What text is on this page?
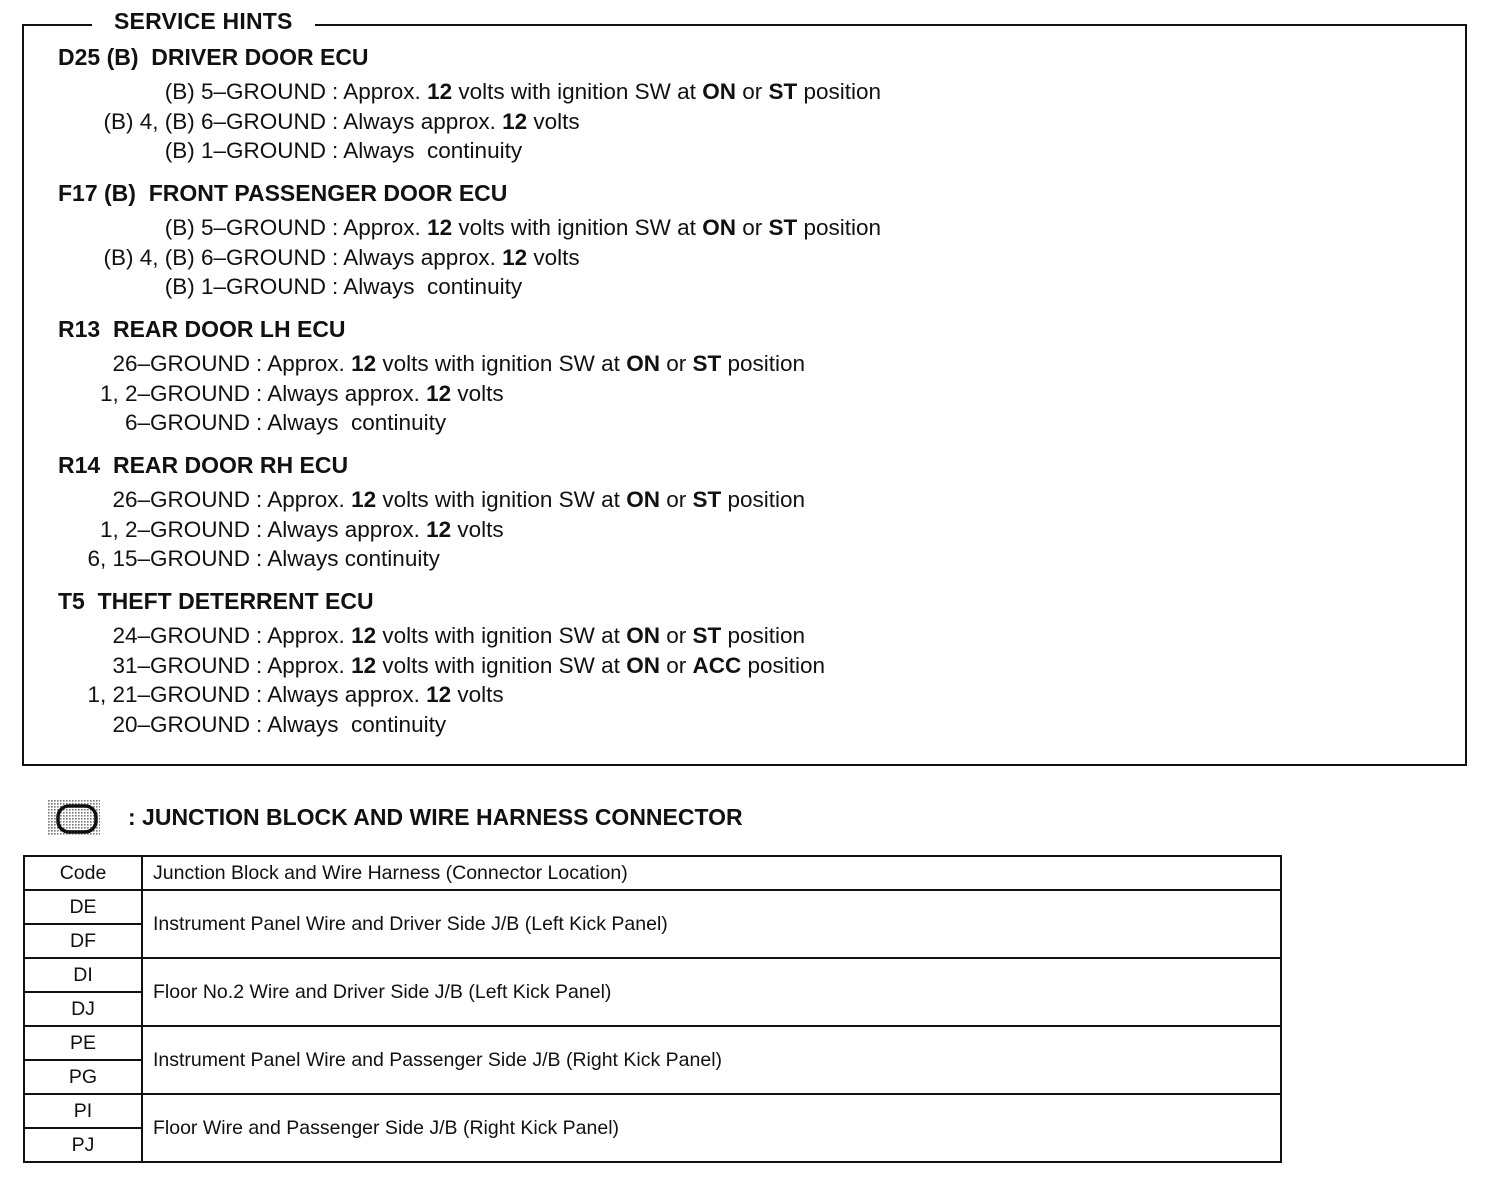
SERVICE HINTS
D25 (B)  DRIVER DOOR ECU
(B) 5–GROUND : Approx. 12 volts with ignition SW at ON or ST position
(B) 4, (B) 6–GROUND : Always approx. 12 volts
(B) 1–GROUND : Always  continuity
F17 (B)  FRONT PASSENGER DOOR ECU
(B) 5–GROUND : Approx. 12 volts with ignition SW at ON or ST position
(B) 4, (B) 6–GROUND : Always approx. 12 volts
(B) 1–GROUND : Always  continuity
R13  REAR DOOR LH ECU
26–GROUND : Approx. 12 volts with ignition SW at ON or ST position
1, 2–GROUND : Always approx. 12 volts
6–GROUND : Always  continuity
R14  REAR DOOR RH ECU
26–GROUND : Approx. 12 volts with ignition SW at ON or ST position
1, 2–GROUND : Always approx. 12 volts
6, 15–GROUND : Always continuity
T5  THEFT DETERRENT ECU
24–GROUND : Approx. 12 volts with ignition SW at ON or ST position
31–GROUND : Approx. 12 volts with ignition SW at ON or ACC position
1, 21–GROUND : Always approx. 12 volts
20–GROUND : Always  continuity
: JUNCTION BLOCK AND WIRE HARNESS CONNECTOR
Code	Junction Block and Wire Harness (Connector Location)
DE	Instrument Panel Wire and Driver Side J/B (Left Kick Panel)
DF	
DI	Floor No.2 Wire and Driver Side J/B (Left Kick Panel)
DJ	
PE	Instrument Panel Wire and Passenger Side J/B (Right Kick Panel)
PG	
PI	Floor Wire and Passenger Side J/B (Right Kick Panel)
PJ	
